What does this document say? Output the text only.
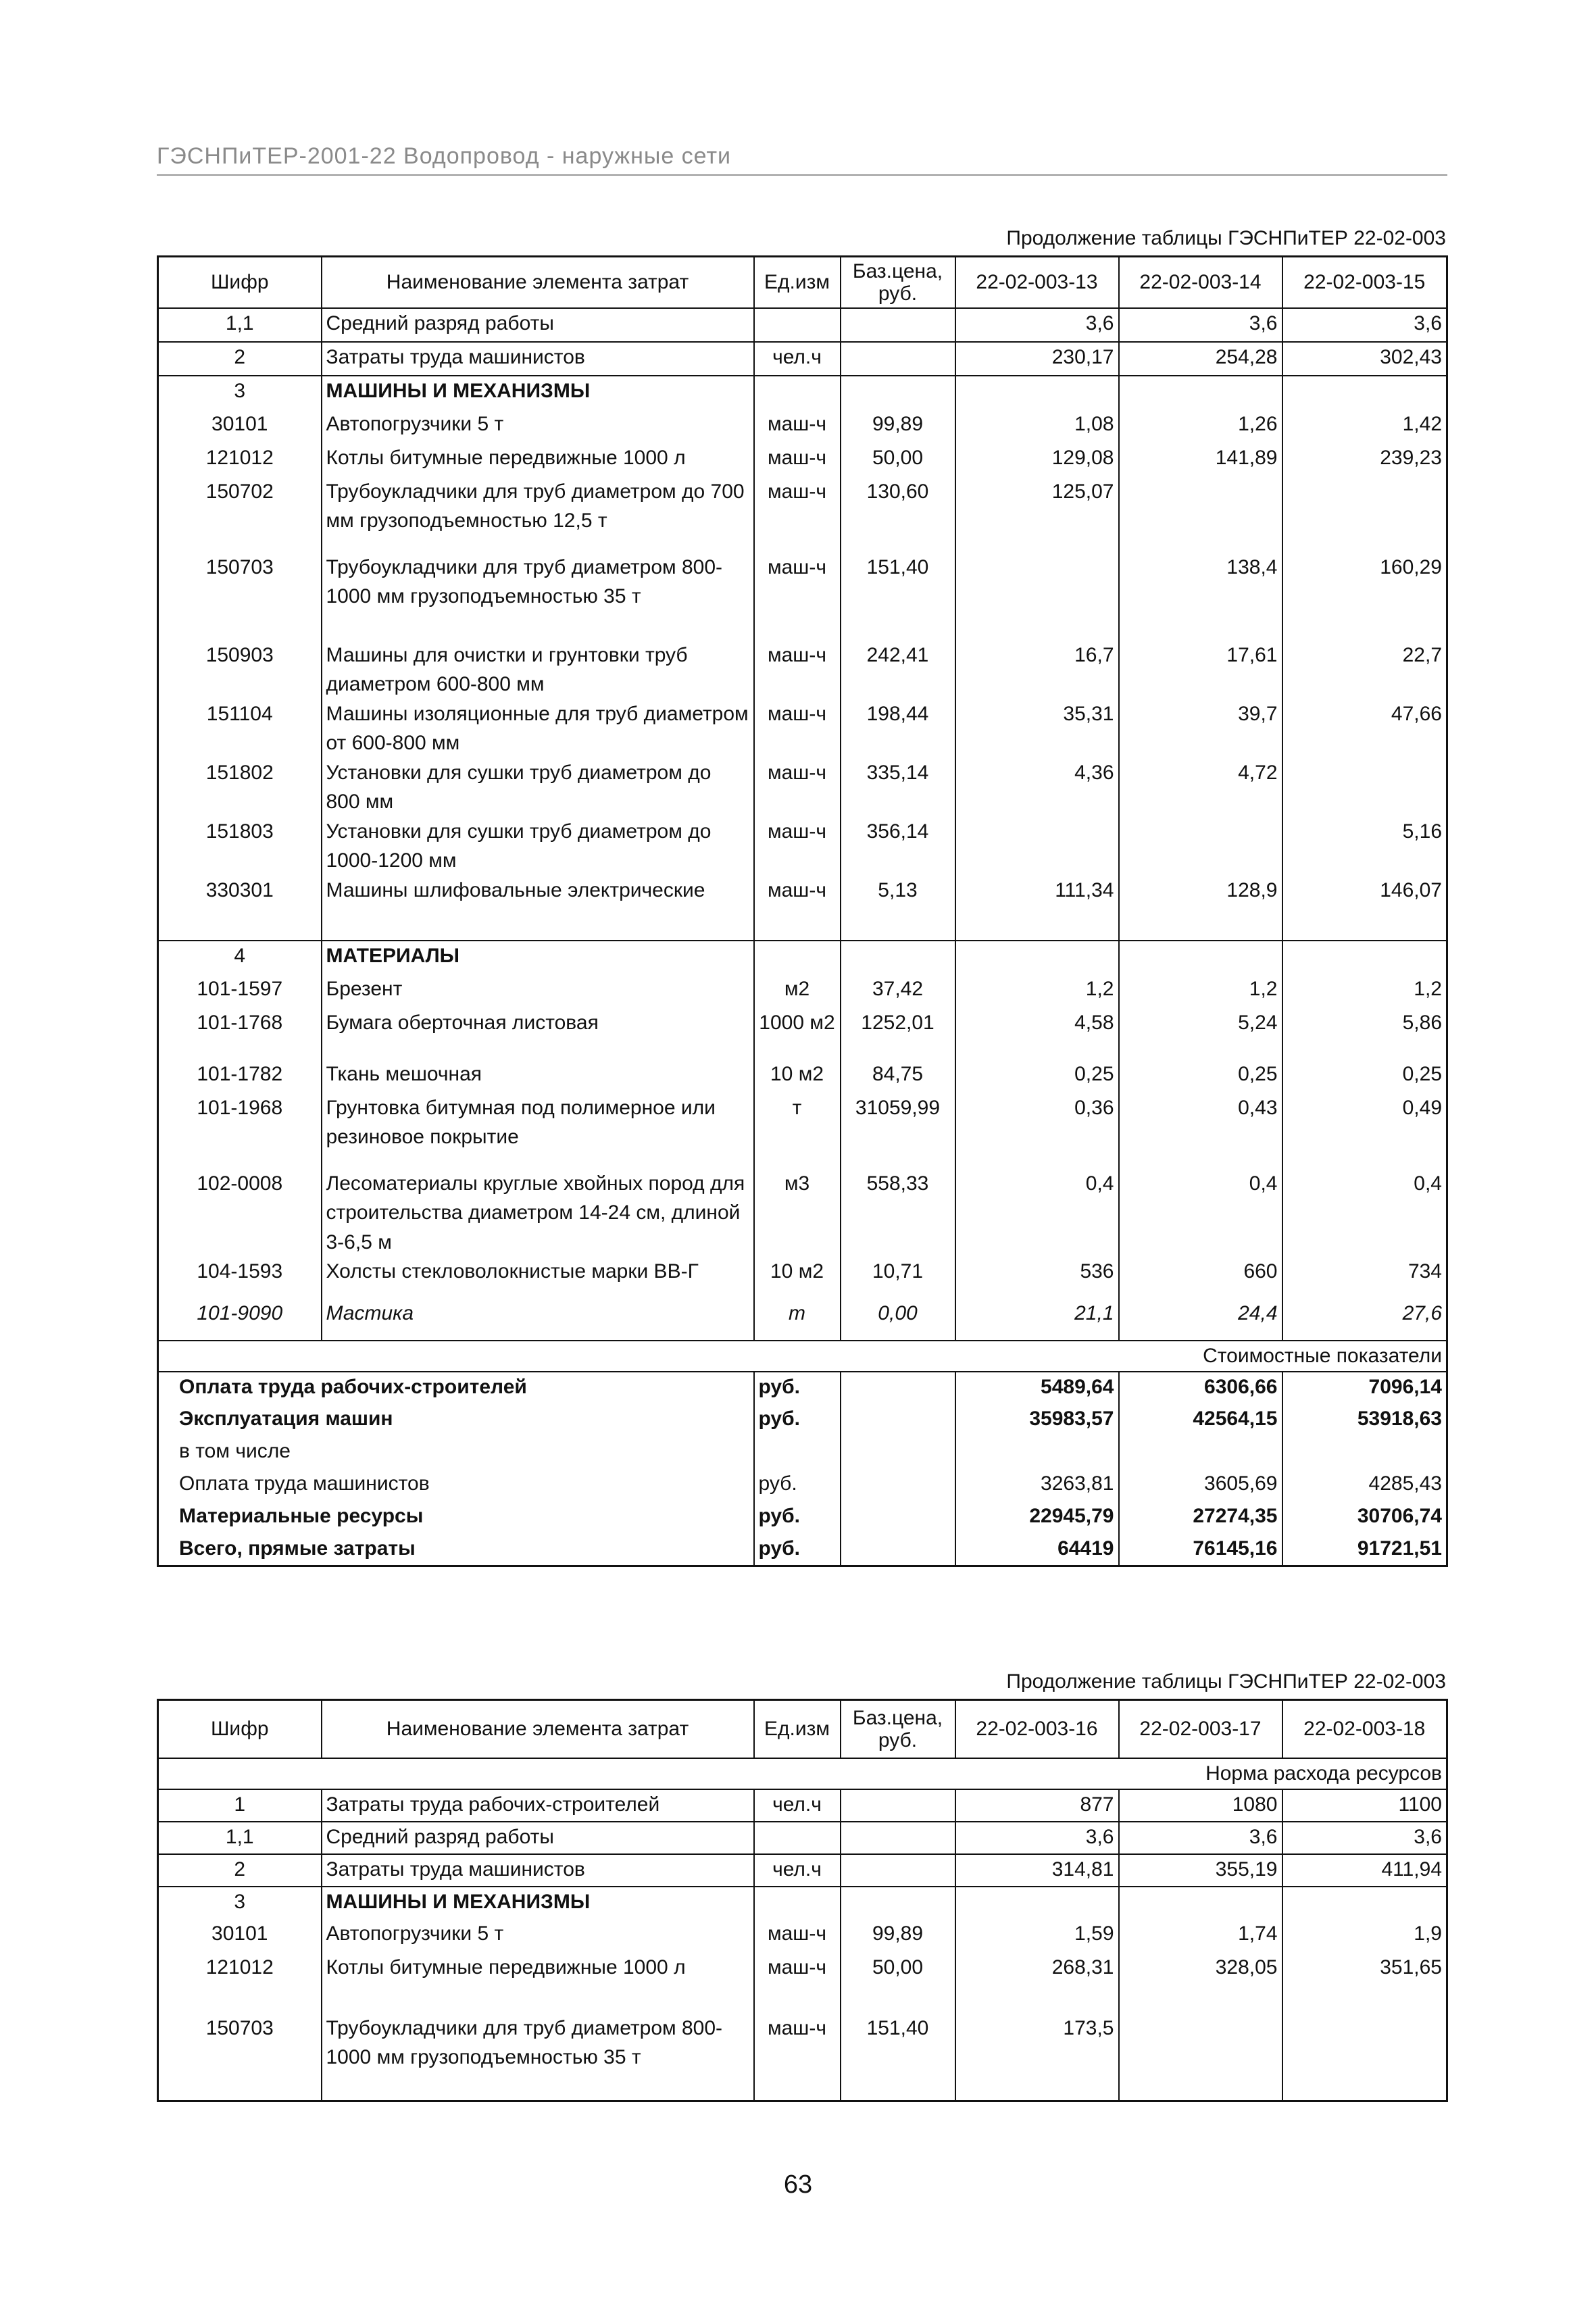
ГЭСНПиТЕР-2001-22 Водопровод - наружные сети
Продолжение таблицы ГЭСНПиТЕР 22-02-003
Шифр	Наименование элемента затрат	Ед.изм	Баз.цена, руб.	22-02-003-13	22-02-003-14	22-02-003-15
1,1	Средний разряд работы			3,6	3,6	3,6
2	Затраты труда машинистов	чел.ч		230,17	254,28	302,43
3	МАШИНЫ И МЕХАНИЗМЫ					
30101	Автопогрузчики 5 т	маш-ч	99,89	1,08	1,26	1,42
121012	Котлы битумные передвижные 1000 л	маш-ч	50,00	129,08	141,89	239,23
150702	Трубоукладчики для труб диаметром до 700 мм грузоподъемностью 12,5 т	маш-ч	130,60	125,07		
150703	Трубоукладчики для труб диаметром 800-1000 мм грузоподъемностью 35 т	маш-ч	151,40		138,4	160,29
150903	Машины для очистки и грунтовки труб диаметром 600-800 мм	маш-ч	242,41	16,7	17,61	22,7
151104	Машины изоляционные для труб диаметром от 600-800 мм	маш-ч	198,44	35,31	39,7	47,66
151802	Установки для сушки труб диаметром до 800 мм	маш-ч	335,14	4,36	4,72	
151803	Установки для сушки труб диаметром до 1000-1200 мм	маш-ч	356,14			5,16
330301	Машины шлифовальные электрические	маш-ч	5,13	111,34	128,9	146,07
4	МАТЕРИАЛЫ					
101-1597	Брезент	м2	37,42	1,2	1,2	1,2
101-1768	Бумага оберточная листовая	1000 м2	1252,01	4,58	5,24	5,86
101-1782	Ткань мешочная	10 м2	84,75	0,25	0,25	0,25
101-1968	Грунтовка битумная под полимерное или резиновое покрытие	т	31059,99	0,36	0,43	0,49
102-0008	Лесоматериалы круглые хвойных пород для строительства диаметром 14-24 см, длиной 3-6,5 м	м3	558,33	0,4	0,4	0,4
104-1593	Холсты стекловолокнистые марки ВВ-Г	10 м2	10,71	536	660	734
101-9090	Мастика	т	0,00	21,1	24,4	27,6
Стоимостные показатели						
Оплата труда рабочих-строителей		руб.		5489,64	6306,66	7096,14
Эксплуатация машин		руб.		35983,57	42564,15	53918,63
в том числе						
Оплата труда машинистов		руб.		3263,81	3605,69	4285,43
Материальные ресурсы		руб.		22945,79	27274,35	30706,74
Всего, прямые затраты		руб.		64419	76145,16	91721,51
Продолжение таблицы ГЭСНПиТЕР 22-02-003
Шифр	Наименование элемента затрат	Ед.изм	Баз.цена, руб.	22-02-003-16	22-02-003-17	22-02-003-18
Норма расхода ресурсов						
1	Затраты труда рабочих-строителей	чел.ч		877	1080	1100
1,1	Средний разряд работы			3,6	3,6	3,6
2	Затраты труда машинистов	чел.ч		314,81	355,19	411,94
3	МАШИНЫ И МЕХАНИЗМЫ					
30101	Автопогрузчики 5 т	маш-ч	99,89	1,59	1,74	1,9
121012	Котлы битумные передвижные 1000 л	маш-ч	50,00	268,31	328,05	351,65
150703	Трубоукладчики для труб диаметром 800-1000 мм грузоподъемностью 35 т	маш-ч	151,40	173,5		
63
